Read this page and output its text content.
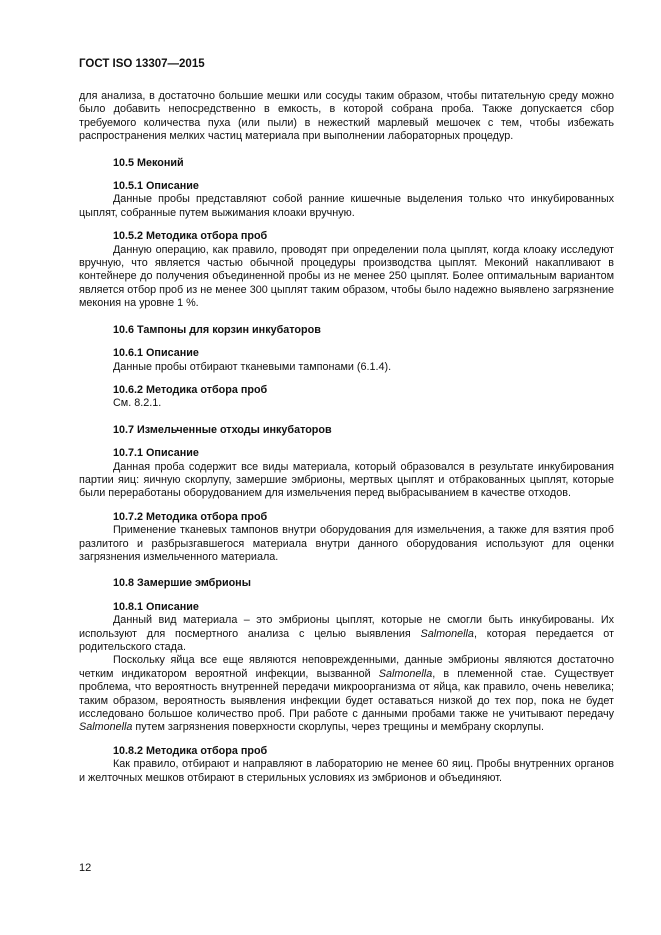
ГОСТ ISO 13307—2015

для анализа, в достаточно большие мешки или сосуды таким образом, чтобы питательную среду можно было добавить непосредственно в емкость, в которой собрана проба. Также допускается сбор требуемого количества пуха (или пыли) в нежесткий марлевый мешочек с тем, чтобы избежать распространения мелких частиц материала при выполнении лабораторных процедур.

10.5 Меконий
10.5.1 Описание

Данные пробы представляют собой ранние кишечные выделения только что инкубированных цыплят, собранные путем выжимания клоаки вручную.

10.5.2 Методика отбора проб

Данную операцию, как правило, проводят при определении пола цыплят, когда клоаку исследуют вручную, что является частью обычной процедуры производства цыплят. Меконий накапливают в контейнере до получения объединенной пробы из не менее 250 цыплят. Более оптимальным вариантом является отбор проб из не менее 300 цыплят таким образом, чтобы было надежно выявлено загрязнение мекония на уровне 1 %.

10.6 Тампоны для корзин инкубаторов
10.6.1 Описание

Данные пробы отбирают тканевыми тампонами (6.1.4).

10.6.2 Методика отбора проб

См. 8.2.1.

10.7 Измельченные отходы инкубаторов
10.7.1 Описание

Данная проба содержит все виды материала, который образовался в результате инкубирования партии яиц: яичную скорлупу, замершие эмбрионы, мертвых цыплят и отбракованных цыплят, которые были переработаны оборудованием для измельчения перед выбрасыванием в качестве отходов.

10.7.2 Методика отбора проб

Применение тканевых тампонов внутри оборудования для измельчения, а также для взятия проб разлитого и разбрызгавшегося материала внутри данного оборудования используют для оценки загрязнения измельченного материала.

10.8 Замершие эмбрионы
10.8.1 Описание

Данный вид материала – это эмбрионы цыплят, которые не смогли быть инкубированы. Их используют для посмертного анализа с целью выявления Salmonella, которая передается от родительского стада.

Поскольку яйца все еще являются неповрежденными, данные эмбрионы являются достаточно четким индикатором вероятной инфекции, вызванной Salmonella, в племенной стае. Существует проблема, что вероятность внутренней передачи микроорганизма от яйца, как правило, очень невелика; таким образом, вероятность выявления инфекции будет оставаться низкой до тех пор, пока не будет исследовано большое количество проб. При работе с данными пробами также не учитывают передачу Salmonella путем загрязнения поверхности скорлупы, через трещины и мембрану скорлупы.

10.8.2 Методика отбора проб

Как правило, отбирают и направляют в лабораторию не менее 60 яиц. Пробы внутренних органов и желточных мешков отбирают в стерильных условиях из эмбрионов и объединяют.

12
